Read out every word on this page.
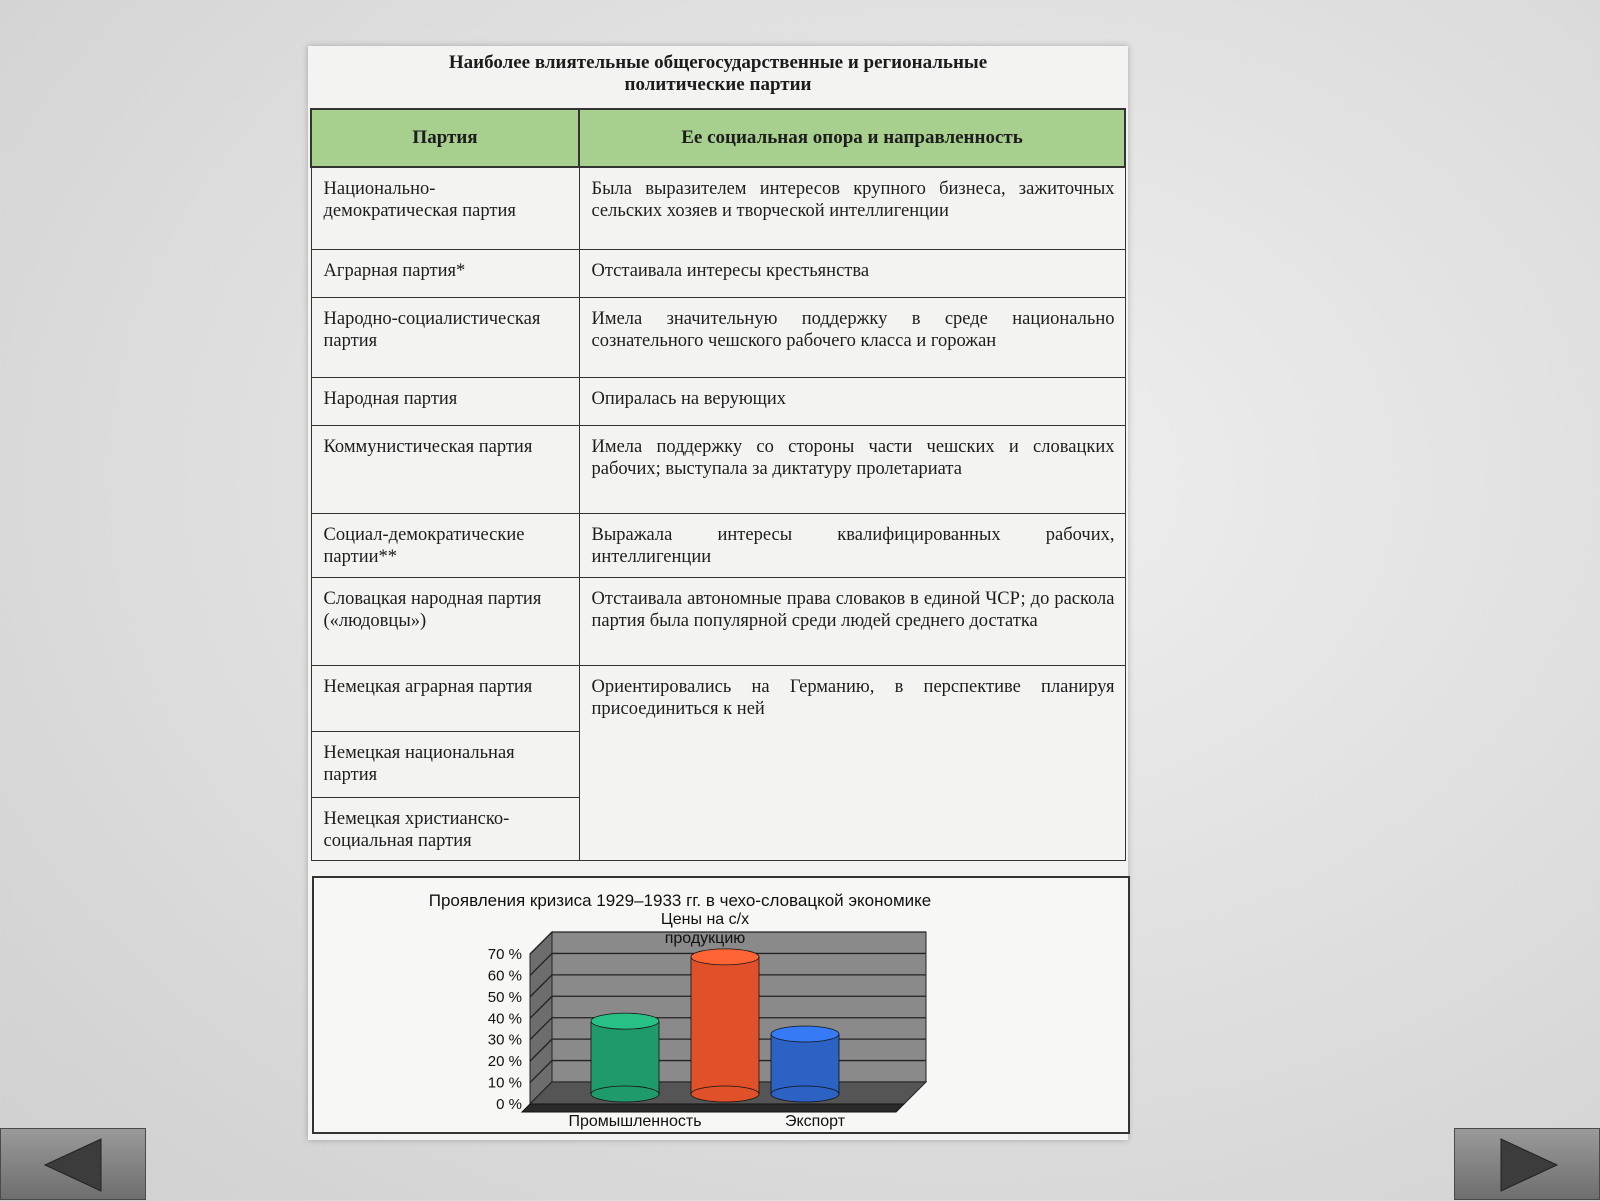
Наиболее влиятельные общегосударственные и региональные
политические партии
Партия	Ее социальная опора и направленность
Национально-демократическая партия	Была выразителем интересов крупного бизнеса, зажиточных сельских хозяев и творческой интеллигенции
Аграрная партия*	Отстаивала интересы крестьянства
Народно-социалистическая партия	Имела значительную поддержку в среде национально сознательного чешского рабочего класса и горожан
Народная партия	Опиралась на верующих
Коммунистическая партия	Имела поддержку со стороны части чешских и словацких рабочих; выступала за диктатуру пролетариата
Социал-демократические партии**	Выражала интересы квалифицированных рабочих, интеллигенции
Словацкая народная партия («людовцы»)	Отстаивала автономные права словаков в единой ЧСР; до раскола партия была популярной среди людей среднего достатка
Немецкая аграрная партия	Ориентировались на Германию, в перспективе планируя присоединиться к ней
Немецкая национальная партия	
Немецкая христианско-социальная партия	
Проявления кризиса 1929–1933 гг. в чехо-словацкой экономике
0 %
10 %
20 %
30 %
40 %
50 %
60 %
70 %
Промышленность
Цены на с/х
продукцию
Экспорт
